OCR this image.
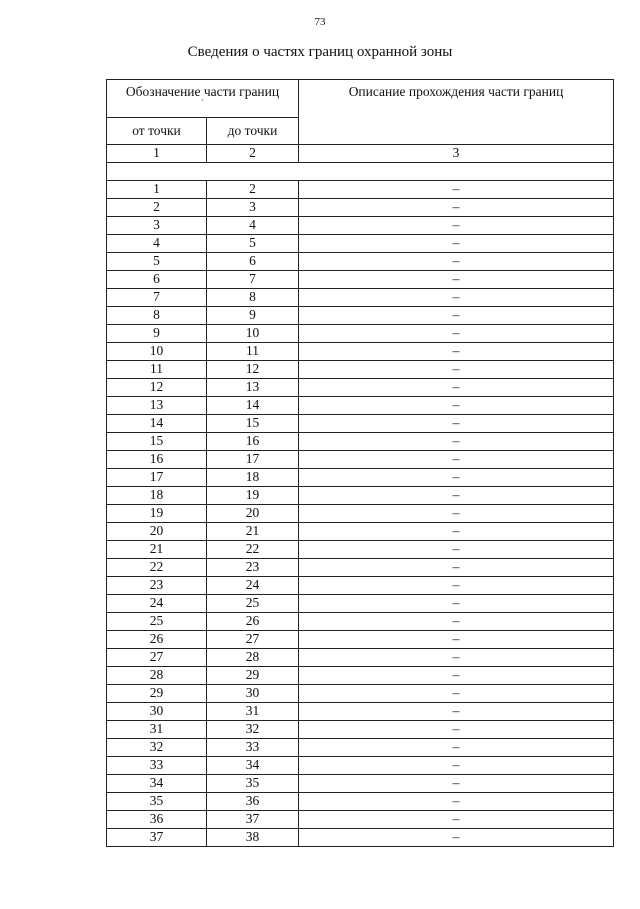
73
Сведения о частях границ охранной зоны
Обозначение части границ
`		Описание прохождения части границ
от точки	до точки	
1	2	3

1	2	–
2	3	–
3	4	–
4	5	–
5	6	–
6	7	–
7	8	–
8	9	–
9	10	–
10	11	–
11	12	–
12	13	–
13	14	–
14	15	–
15	16	–
16	17	–
17	18	–
18	19	–
19	20	–
20	21	–
21	22	–
22	23	–
23	24	–
24	25	–
25	26	–
26	27	–
27	28	–
28	29	–
29	30	–
30	31	–
31	32	–
32	33	–
33	34	–
34	35	–
35	36	–
36	37	–
37	38	–
